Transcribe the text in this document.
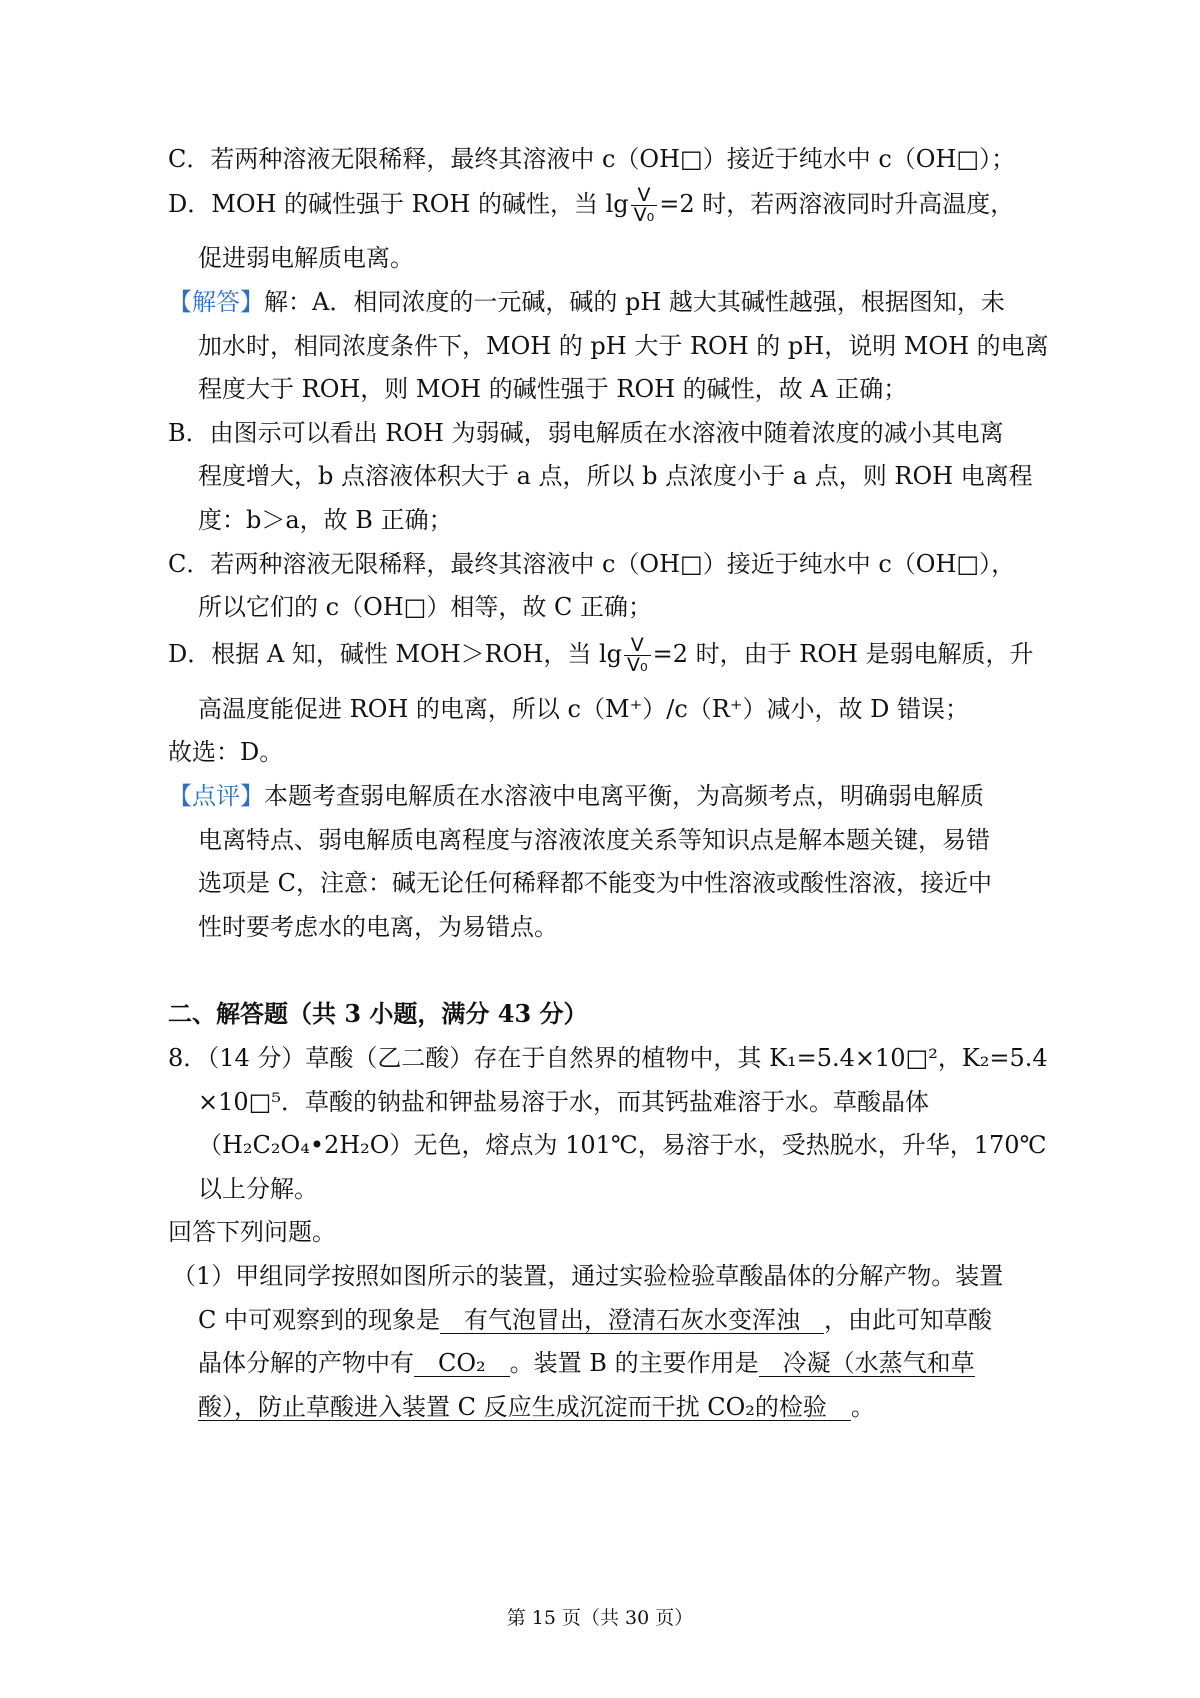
C．若两种溶液无限稀释，最终其溶液中 c（OH□）接近于纯水中 c（OH□）；
D．MOH 的碱性强于 ROH 的碱性，当 $\lg \frac{V}{\text{V₀}} =2$ 时，若两溶液同时升高温度，
促进弱电解质电离。
【解答】解：A．相同浓度的一元碱，碱的 pH 越大其碱性越强，根据图知，未
加水时，相同浓度条件下，MOH 的 pH 大于 ROH 的 pH，说明 MOH 的电离
程度大于 ROH，则 MOH 的碱性强于 ROH 的碱性，故 A 正确；
B．由图示可以看出 ROH 为弱碱，弱电解质在水溶液中随着浓度的减小其电离
程度增大，b 点溶液体积大于 a 点，所以 b 点浓度小于 a 点，则 ROH 电离程
度：b＞a，故 B 正确；
C．若两种溶液无限稀释，最终其溶液中 c（OH□）接近于纯水中 c（OH□），
所以它们的 c（OH□）相等，故 C 正确；
D．根据 A 知，碱性 MOH＞ROH，当 $\lg \frac{V}{\text{V₀}} =2$ 时，由于 ROH 是弱电解质，升
高温度能促进 ROH 的电离，所以 c（M⁺）/c（R⁺）减小，故 D 错误；
故选：D。
【点评】本题考查弱电解质在水溶液中电离平衡，为高频考点，明确弱电解质
电离特点、弱电解质电离程度与溶液浓度关系等知识点是解本题关键，易错
选项是 C，注意：碱无论任何稀释都不能变为中性溶液或酸性溶液，接近中
性时要考虑水的电离，为易错点。
二、解答题（共 3 小题，满分 43 分）
8．（14 分）草酸（乙二酸）存在于自然界的植物中，其 K₁=5.4×10□²，K₂=5.4
×10□⁵．草酸的钠盐和钾盐易溶于水，而其钙盐难溶于水。草酸晶体
（H₂C₂O₄•2H₂O）无色，熔点为 101℃，易溶于水，受热脱水，升华，170℃
以上分解。
回答下列问题。
（1）甲组同学按照如图所示的装置，通过实验检验草酸晶体的分解产物。装置
C 中可观察到的现象是　有气泡冒出，澄清石灰水变浑浊　，由此可知草酸
晶体分解的产物中有　CO₂　。装置 B 的主要作用是　冷凝（水蒸气和草
酸），防止草酸进入装置 C 反应生成沉淀而干扰 CO₂的检验　。
第 15 页（共 30 页）
